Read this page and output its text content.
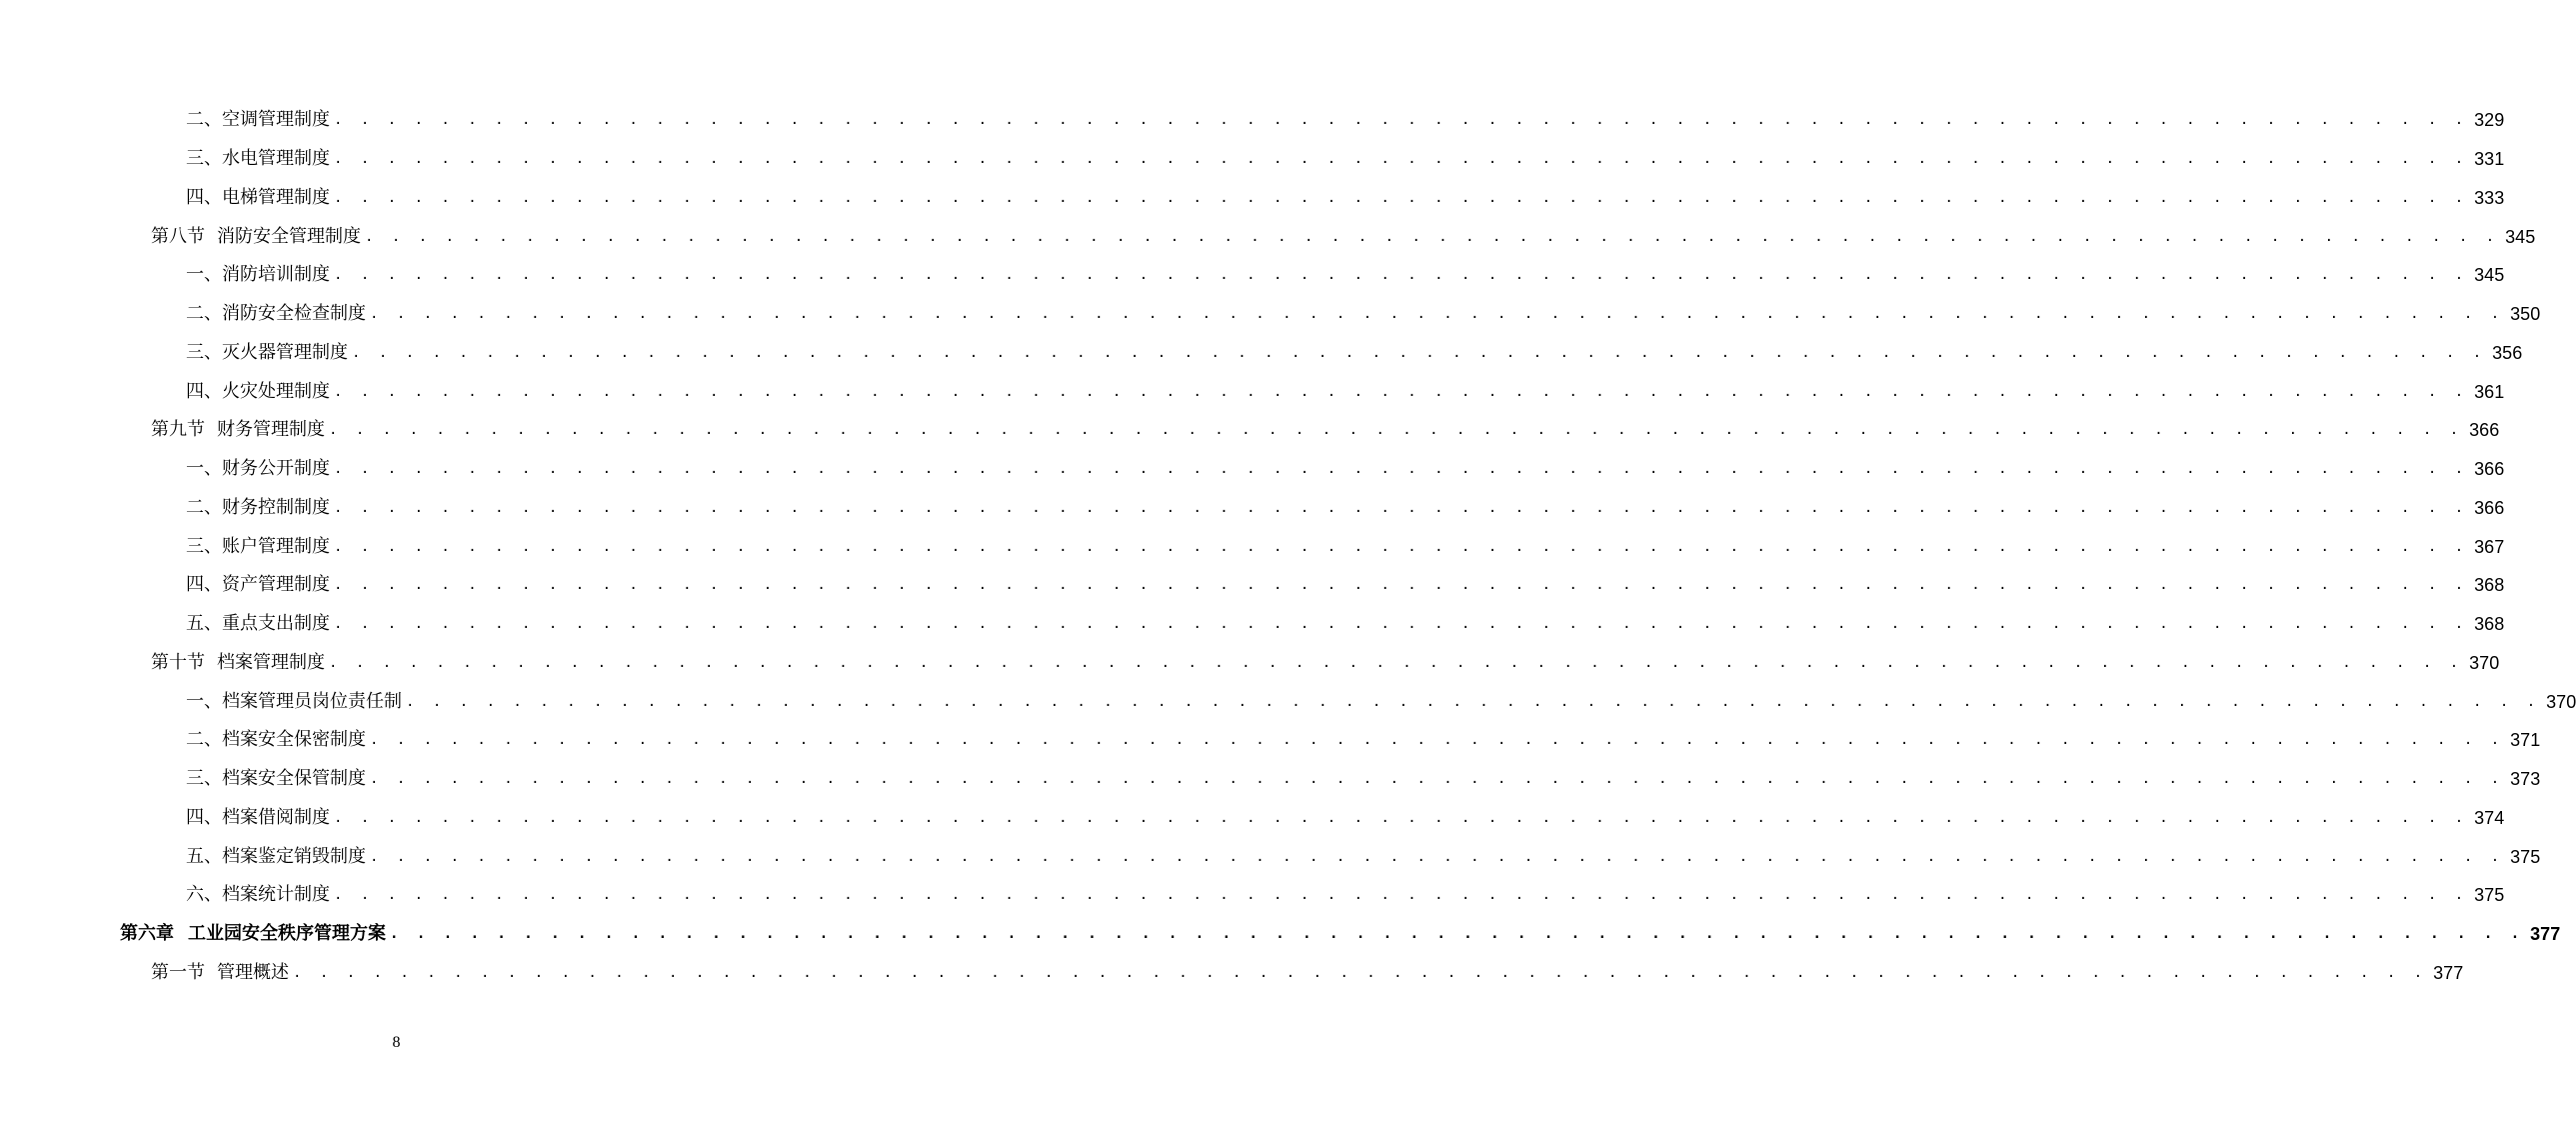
二、空调管理制度 . . . . . . . . . . . . . . . . . . . . . . . . . . . . . . . . . . . . . . . . . . . . . . . . . . . . . . . . . . . . . . . . . . . . . . . . . . . . . . . . 329
三、水电管理制度 . . . . . . . . . . . . . . . . . . . . . . . . . . . . . . . . . . . . . . . . . . . . . . . . . . . . . . . . . . . . . . . . . . . . . . . . . . . . . . . . 331
四、电梯管理制度 . . . . . . . . . . . . . . . . . . . . . . . . . . . . . . . . . . . . . . . . . . . . . . . . . . . . . . . . . . . . . . . . . . . . . . . . . . . . . . . . 333
第八节 消防安全管理制度 . . . . . . . . . . . . . . . . . . . . . . . . . . . . . . . . . . . . . . . . . . . . . . . . . . . . . . . . . . . . . . . . . . . . . . . . . . . . . . . . 345
一、消防培训制度 . . . . . . . . . . . . . . . . . . . . . . . . . . . . . . . . . . . . . . . . . . . . . . . . . . . . . . . . . . . . . . . . . . . . . . . . . . . . . . . . 345
二、消防安全检查制度 . . . . . . . . . . . . . . . . . . . . . . . . . . . . . . . . . . . . . . . . . . . . . . . . . . . . . . . . . . . . . . . . . . . . . . . . . . . . . . . . 350
三、灭火器管理制度 . . . . . . . . . . . . . . . . . . . . . . . . . . . . . . . . . . . . . . . . . . . . . . . . . . . . . . . . . . . . . . . . . . . . . . . . . . . . . . . . 356
四、火灾处理制度 . . . . . . . . . . . . . . . . . . . . . . . . . . . . . . . . . . . . . . . . . . . . . . . . . . . . . . . . . . . . . . . . . . . . . . . . . . . . . . . . 361
第九节 财务管理制度 . . . . . . . . . . . . . . . . . . . . . . . . . . . . . . . . . . . . . . . . . . . . . . . . . . . . . . . . . . . . . . . . . . . . . . . . . . . . . . . . 366
一、财务公开制度 . . . . . . . . . . . . . . . . . . . . . . . . . . . . . . . . . . . . . . . . . . . . . . . . . . . . . . . . . . . . . . . . . . . . . . . . . . . . . . . . 366
二、财务控制制度 . . . . . . . . . . . . . . . . . . . . . . . . . . . . . . . . . . . . . . . . . . . . . . . . . . . . . . . . . . . . . . . . . . . . . . . . . . . . . . . . 366
三、账户管理制度 . . . . . . . . . . . . . . . . . . . . . . . . . . . . . . . . . . . . . . . . . . . . . . . . . . . . . . . . . . . . . . . . . . . . . . . . . . . . . . . . 367
四、资产管理制度 . . . . . . . . . . . . . . . . . . . . . . . . . . . . . . . . . . . . . . . . . . . . . . . . . . . . . . . . . . . . . . . . . . . . . . . . . . . . . . . . 368
五、重点支出制度 . . . . . . . . . . . . . . . . . . . . . . . . . . . . . . . . . . . . . . . . . . . . . . . . . . . . . . . . . . . . . . . . . . . . . . . . . . . . . . . . 368
第十节 档案管理制度 . . . . . . . . . . . . . . . . . . . . . . . . . . . . . . . . . . . . . . . . . . . . . . . . . . . . . . . . . . . . . . . . . . . . . . . . . . . . . . . . 370
一、档案管理员岗位责任制 . . . . . . . . . . . . . . . . . . . . . . . . . . . . . . . . . . . . . . . . . . . . . . . . . . . . . . . . . . . . . . . . . . . . . . . . . . . . . . . . 370
二、档案安全保密制度 . . . . . . . . . . . . . . . . . . . . . . . . . . . . . . . . . . . . . . . . . . . . . . . . . . . . . . . . . . . . . . . . . . . . . . . . . . . . . . . . 371
三、档案安全保管制度 . . . . . . . . . . . . . . . . . . . . . . . . . . . . . . . . . . . . . . . . . . . . . . . . . . . . . . . . . . . . . . . . . . . . . . . . . . . . . . . . 373
四、档案借阅制度 . . . . . . . . . . . . . . . . . . . . . . . . . . . . . . . . . . . . . . . . . . . . . . . . . . . . . . . . . . . . . . . . . . . . . . . . . . . . . . . . 374
五、档案鉴定销毁制度 . . . . . . . . . . . . . . . . . . . . . . . . . . . . . . . . . . . . . . . . . . . . . . . . . . . . . . . . . . . . . . . . . . . . . . . . . . . . . . . . 375
六、档案统计制度 . . . . . . . . . . . . . . . . . . . . . . . . . . . . . . . . . . . . . . . . . . . . . . . . . . . . . . . . . . . . . . . . . . . . . . . . . . . . . . . . 375
第六章 工业园安全秩序管理方案 . . . . . . . . . . . . . . . . . . . . . . . . . . . . . . . . . . . . . . . . . . . . . . . . . . . . . . . . . . . . . . . . . . . . . . . . . . . . . . . . 377
第一节 管理概述 . . . . . . . . . . . . . . . . . . . . . . . . . . . . . . . . . . . . . . . . . . . . . . . . . . . . . . . . . . . . . . . . . . . . . . . . . . . . . . . . 377
8
